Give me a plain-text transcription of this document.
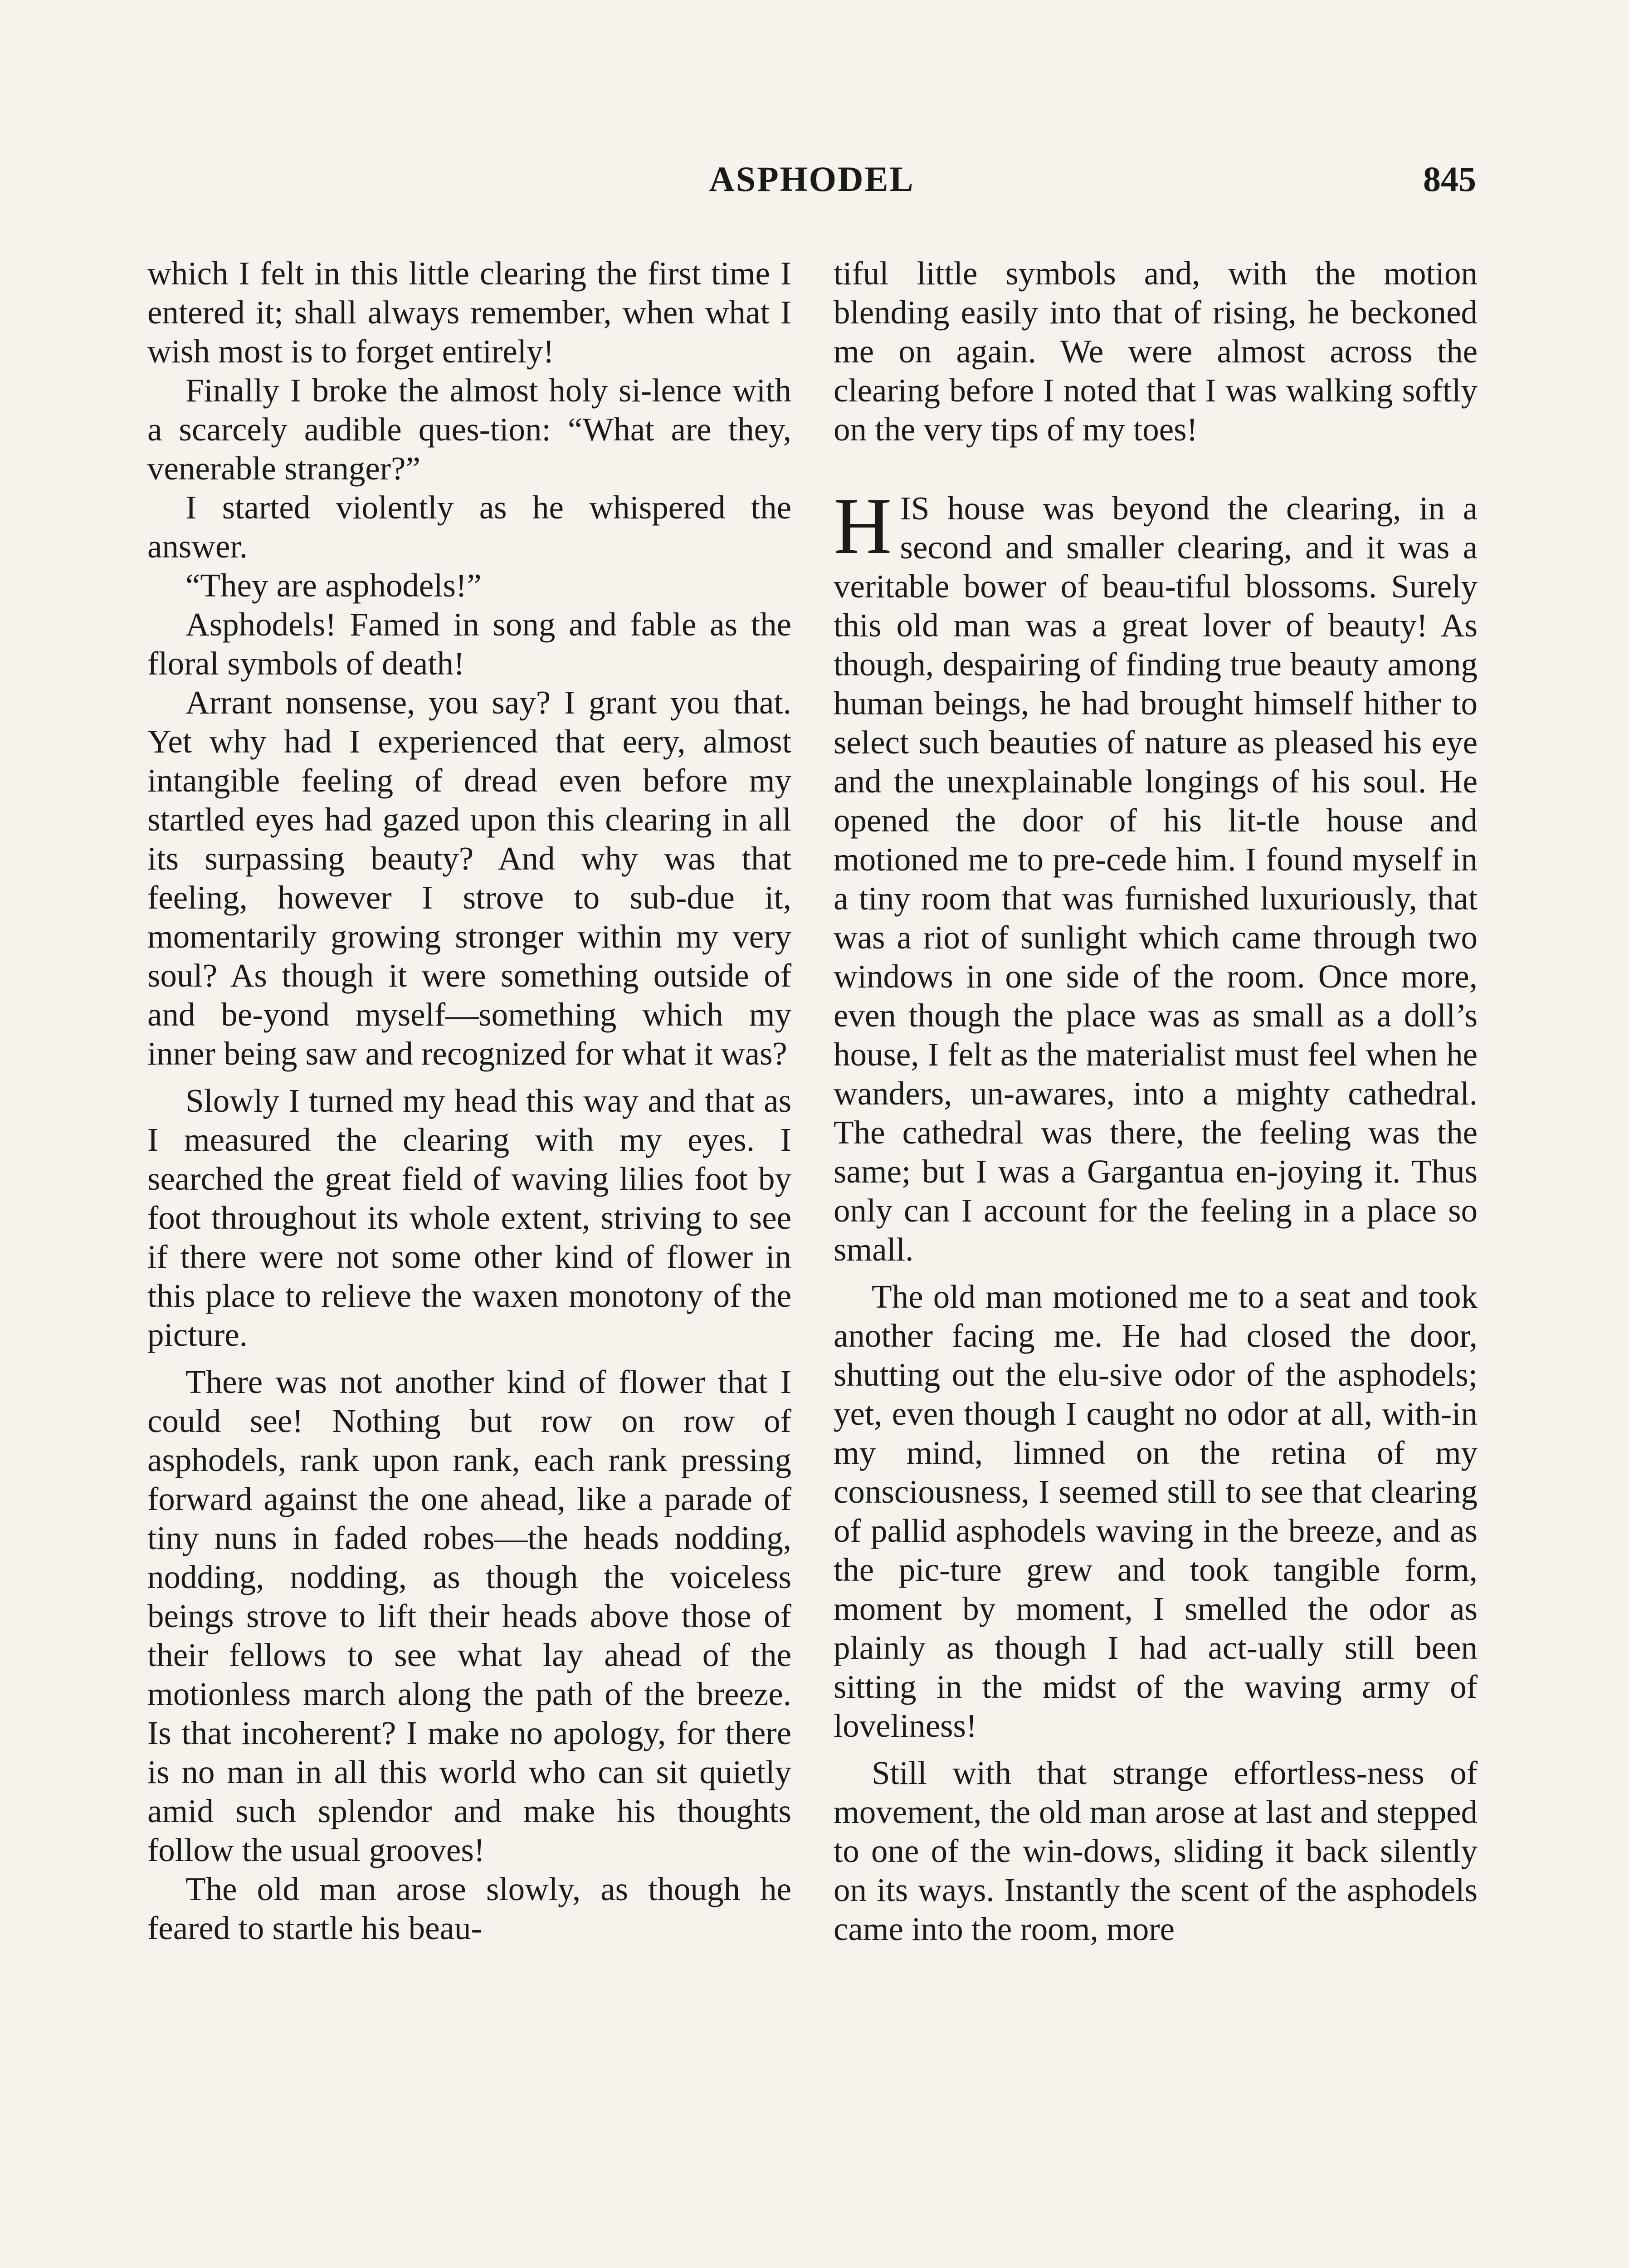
ASPHODEL	845

which I felt in this little clearing the first time I entered it; shall always remember, when what I wish most is to forget entirely!

Finally I broke the almost holy si-lence with a scarcely audible ques-tion: “What are they, venerable stranger?”

I started violently as he whispered the answer.

“They are asphodels!”

Asphodels! Famed in song and fable as the floral symbols of death!

Arrant nonsense, you say? I grant you that. Yet why had I experienced that eery, almost intangible feeling of dread even before my startled eyes had gazed upon this clearing in all its surpassing beauty? And why was that feeling, however I strove to sub-due it, momentarily growing stronger within my very soul? As though it were something outside of and be-yond myself—something which my inner being saw and recognized for what it was?

Slowly I turned my head this way and that as I measured the clearing with my eyes. I searched the great field of waving lilies foot by foot throughout its whole extent, striving to see if there were not some other kind of flower in this place to relieve the waxen monotony of the picture.

There was not another kind of flower that I could see! Nothing but row on row of asphodels, rank upon rank, each rank pressing forward against the one ahead, like a parade of tiny nuns in faded robes—the heads nodding, nodding, nodding, as though the voiceless beings strove to lift their heads above those of their fellows to see what lay ahead of the motionless march along the path of the breeze. Is that incoherent? I make no apology, for there is no man in all this world who can sit quietly amid such splendor and make his thoughts follow the usual grooves!

The old man arose slowly, as though he feared to startle his beau-

tiful little symbols and, with the motion blending easily into that of rising, he beckoned me on again. We were almost across the clearing before I noted that I was walking softly on the very tips of my toes!

HIS house was beyond the clearing, in a second and smaller clearing, and it was a veritable bower of beau-tiful blossoms. Surely this old man was a great lover of beauty! As though, despairing of finding true beauty among human beings, he had brought himself hither to select such beauties of nature as pleased his eye and the unexplainable longings of his soul. He opened the door of his lit-tle house and motioned me to pre-cede him. I found myself in a tiny room that was furnished luxuriously, that was a riot of sunlight which came through two windows in one side of the room. Once more, even though the place was as small as a doll’s house, I felt as the materialist must feel when he wanders, un-awares, into a mighty cathedral. The cathedral was there, the feeling was the same; but I was a Gargantua en-joying it. Thus only can I account for the feeling in a place so small.

The old man motioned me to a seat and took another facing me. He had closed the door, shutting out the elu-sive odor of the asphodels; yet, even though I caught no odor at all, with-in my mind, limned on the retina of my consciousness, I seemed still to see that clearing of pallid asphodels waving in the breeze, and as the pic-ture grew and took tangible form, moment by moment, I smelled the odor as plainly as though I had act-ually still been sitting in the midst of the waving army of loveliness!

Still with that strange effortless-ness of movement, the old man arose at last and stepped to one of the win-dows, sliding it back silently on its ways. Instantly the scent of the asphodels came into the room, more
